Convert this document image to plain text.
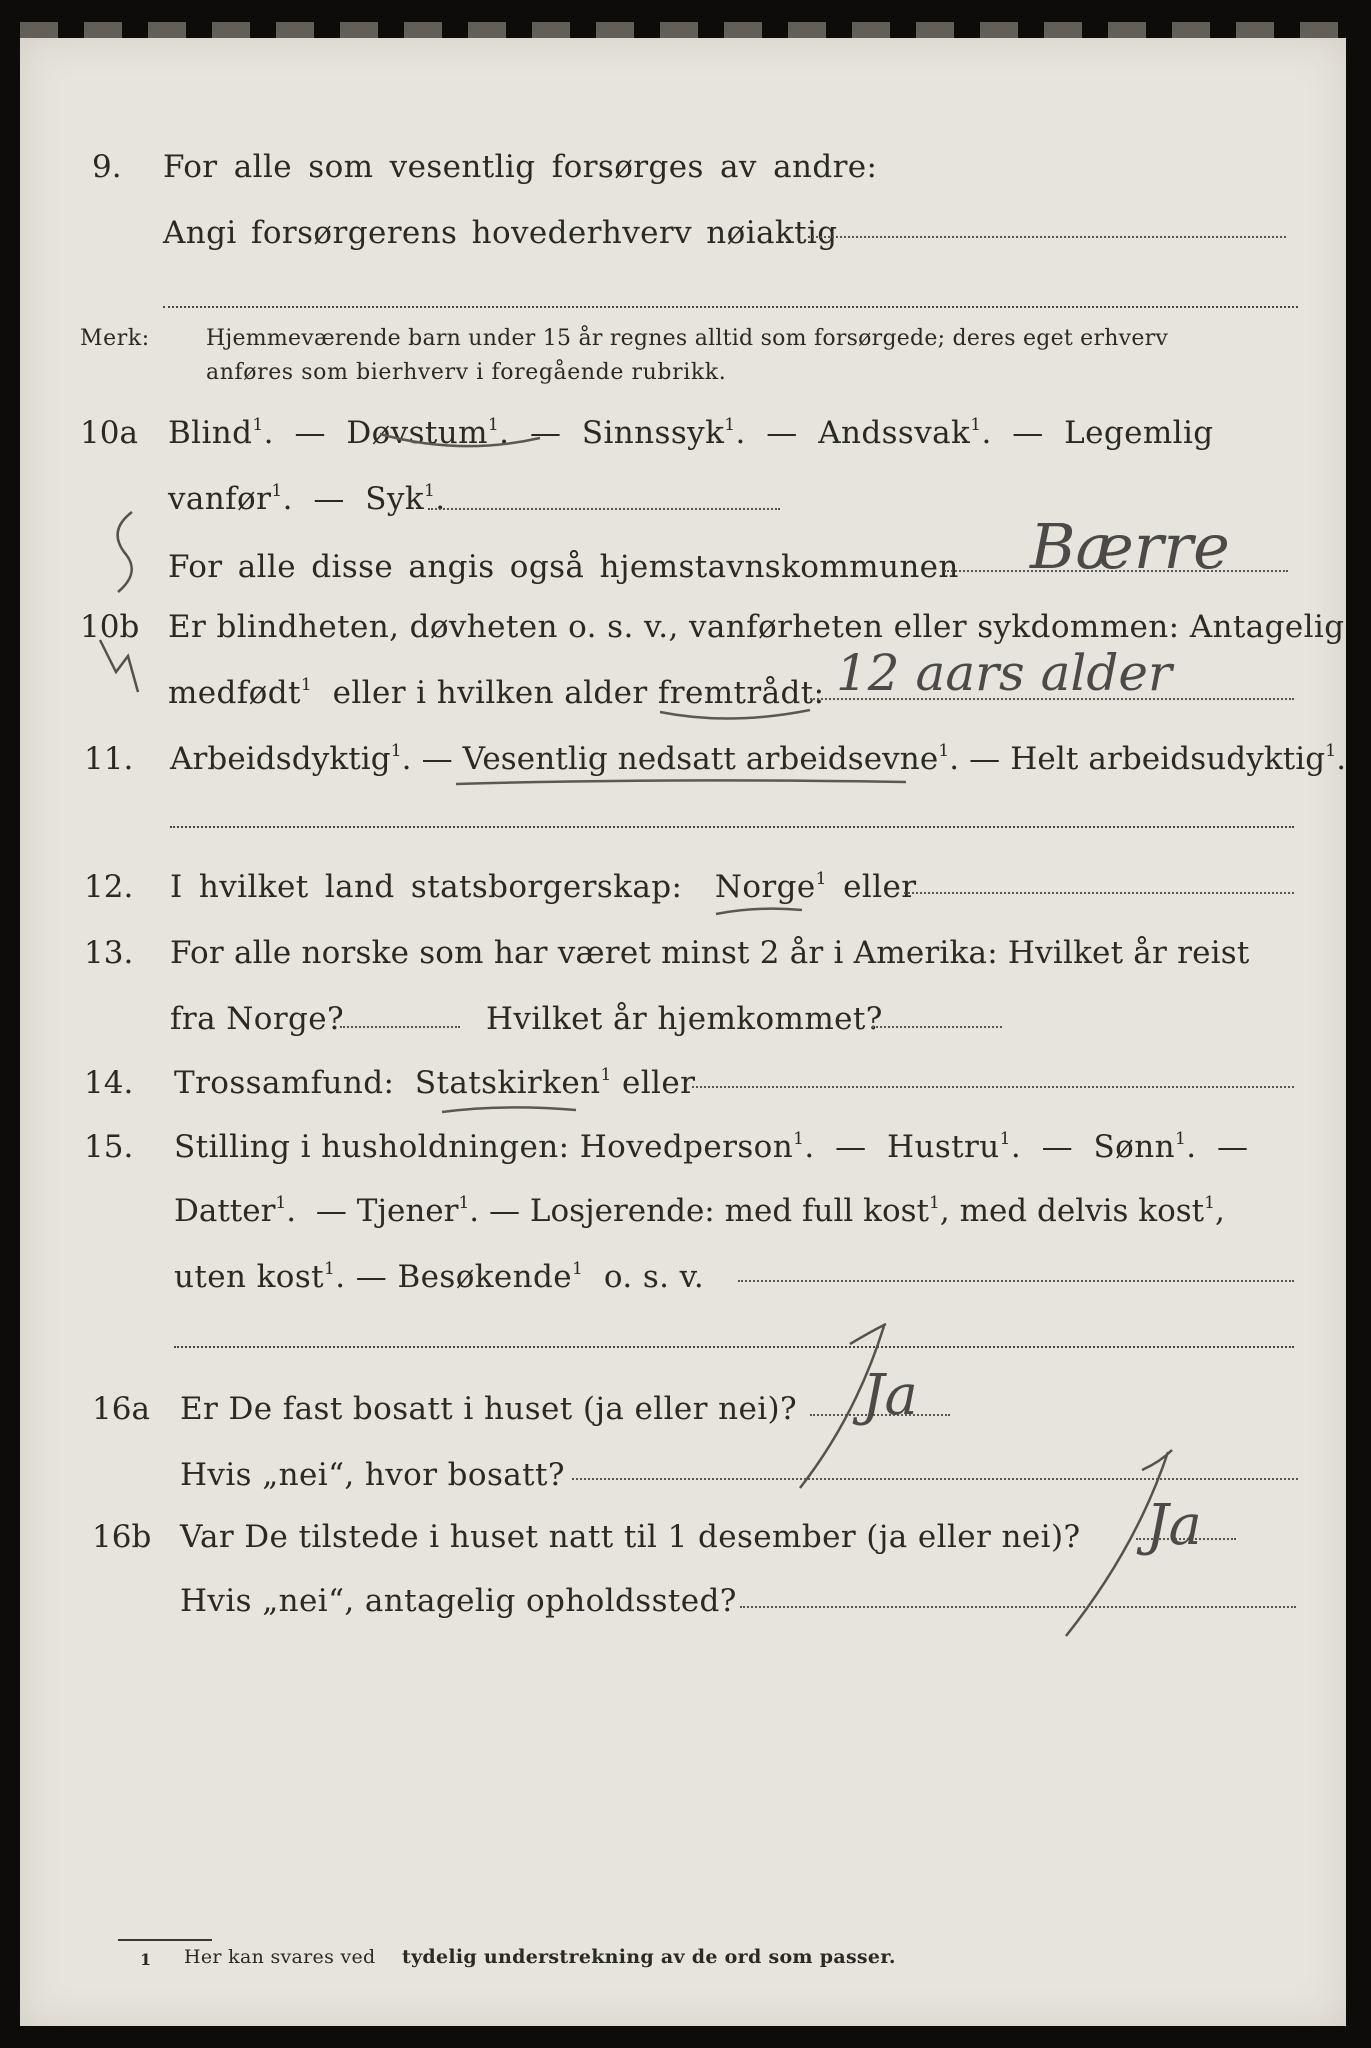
9. For alle som vesentlig forsørges av andre:
Angi forsørgerens hovederhverv nøiaktig
Merk:	Hjemmeværende barn under 15 år regnes alltid som forsørgede; deres eget erhverv
anføres som bierhverv i foregående rubrikk.
10a Blind$^1$.  — Døvstum$^1$.  — Sinnssyk$^1$.  — Andssvak$^1$.  — Legemlig
vanfør$^1$.  — Syk$^1$.
For alle disse angis også hjemstavnskommunen Bærre
10b Er blindheten, døvheten o. s. v., vanførheten eller sykdommen: Antagelig
medfødt$^1$ eller i hvilken alder fremtrådt: 12 aars alder
11. Arbeidsdyktig$^1$. — Vesentlig nedsatt arbeidsevne$^1$. — Helt arbeidsudyktig$^1$.
12. I hvilket land statsborgerskap: Norge$^1$ eller
13. For alle norske som har været minst 2 år i Amerika: Hvilket år reist
fra Norge?	Hvilket år hjemkommet?
14. Trossamfund: Statskirken$^1$ eller
15. Stilling i husholdningen: Hovedperson$^1$.  — Hustru$^1$.  — Sønn$^1$.  —
Datter$^1$.  — Tjener$^1$. — Losjerende: med full kost$^1$, med delvis kost$^1$,
uten kost$^1$. — Besøkende$^1$ o. s. v.
16a Er De fast bosatt i huset (ja eller nei)?
Hvis „nei“, hvor bosatt?
Ja
16b Var De tilstede i huset natt til 1 desember (ja eller nei)?
Hvis „nei“, antagelig opholdssted?
Ja
1 Her kan svares ved tydelig understrekning av de ord som passer.
